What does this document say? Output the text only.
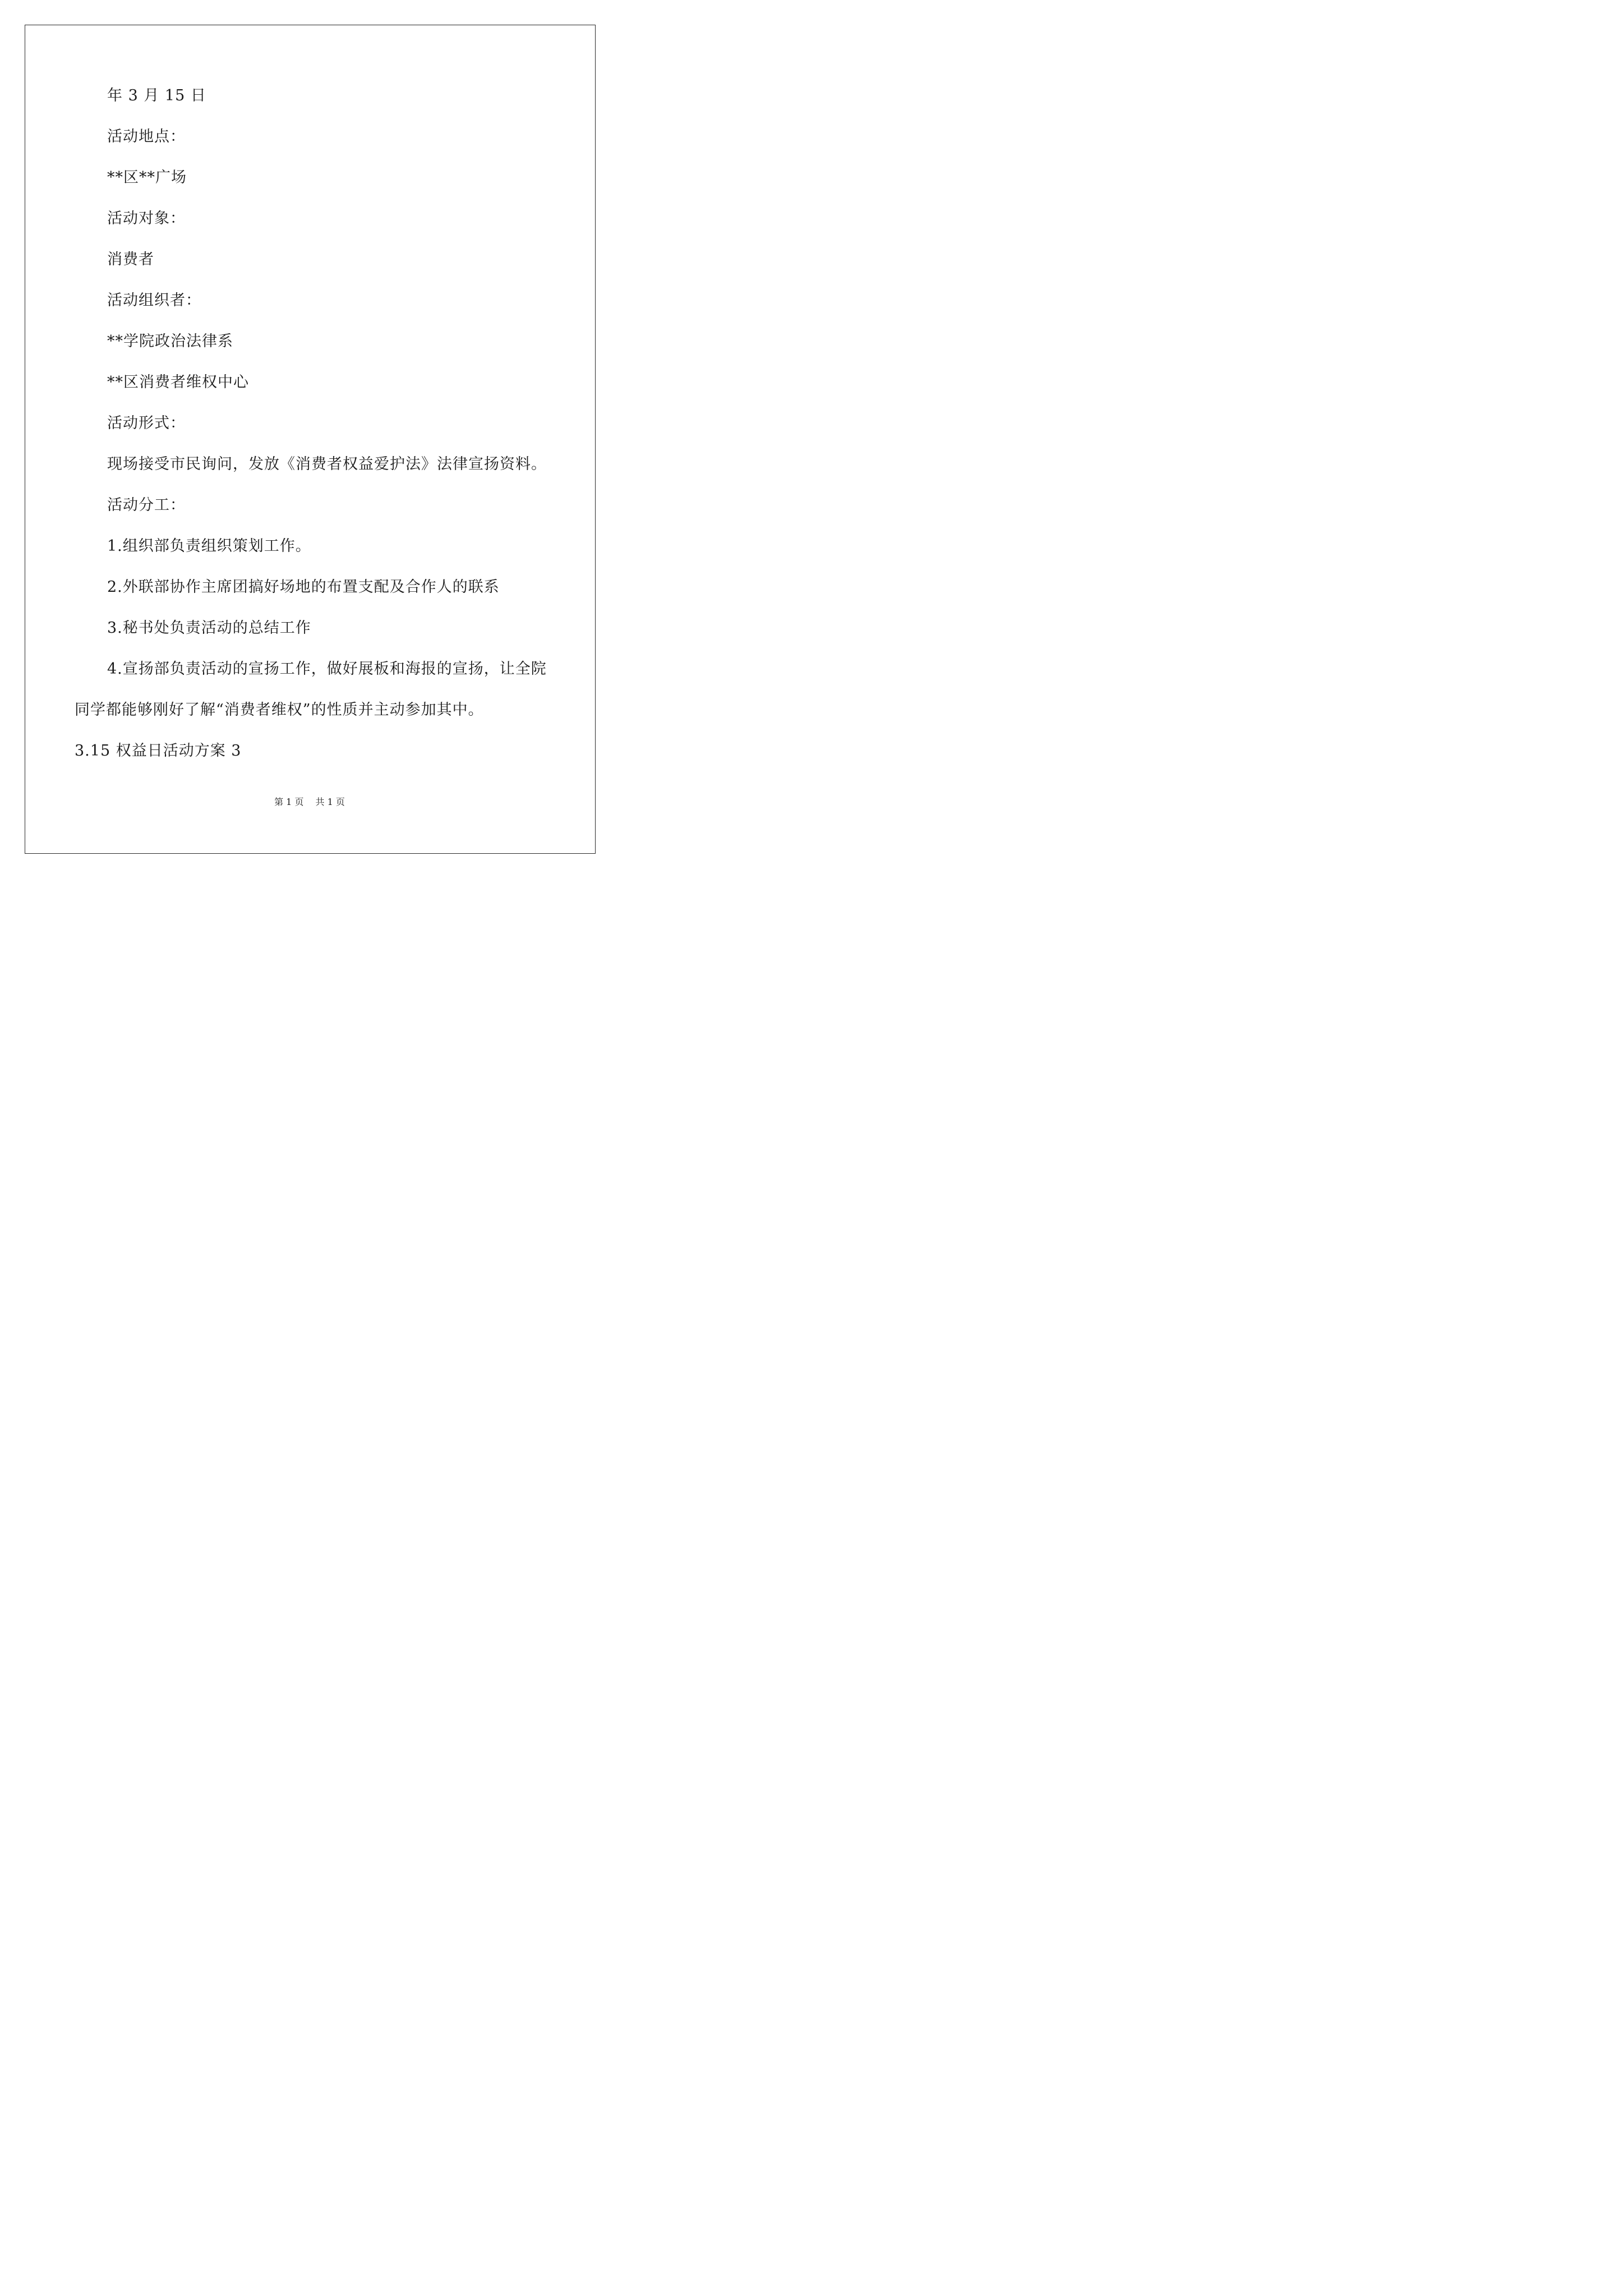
年 3 月 15 日

活动地点：

**区**广场

活动对象：

消费者

活动组织者：

**学院政治法律系

**区消费者维权中心

活动形式：

现场接受市民询问，发放《消费者权益爱护法》法律宣扬资料。

活动分工：

1.组织部负责组织策划工作。

2.外联部协作主席团搞好场地的布置支配及合作人的联系

3.秘书处负责活动的总结工作

4.宣扬部负责活动的宣扬工作，做好展板和海报的宣扬，让全院

同学都能够刚好了解“消费者维权”的性质并主动参加其中。

3.15 权益日活动方案 3

第 1 页 共 1 页
